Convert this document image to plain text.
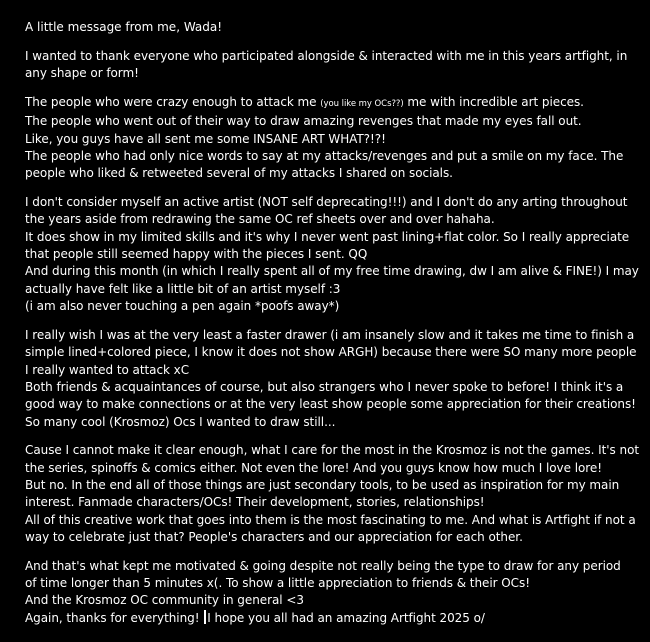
A little message from me, Wada!
I wanted to thank everyone who participated alongside & interacted with me in this years artfight, in
any shape or form!
The people who were crazy enough to attack me (you like my OCs??) me with incredible art pieces.
The people who went out of their way to draw amazing revenges that made my eyes fall out.
Like, you guys have all sent me some INSANE ART WHAT?!?!
The people who had only nice words to say at my attacks/revenges and put a smile on my face. The
people who liked & retweeted several of my attacks I shared on socials.
I don't consider myself an active artist (NOT self deprecating!!!) and I don't do any arting throughout
the years aside from redrawing the same OC ref sheets over and over hahaha.
It does show in my limited skills and it's why I never went past lining+flat color. So I really appreciate
that people still seemed happy with the pieces I sent. QQ
And during this month (in which I really spent all of my free time drawing, dw I am alive & FINE!) I may
actually have felt like a little bit of an artist myself :3
(i am also never touching a pen again *poofs away*)
I really wish I was at the very least a faster drawer (i am insanely slow and it takes me time to finish a
simple lined+colored piece, I know it does not show ARGH) because there were SO many more people
I really wanted to attack xC
Both friends & acquaintances of course, but also strangers who I never spoke to before! I think it's a
good way to make connections or at the very least show people some appreciation for their creations!
So many cool (Krosmoz) Ocs I wanted to draw still...
Cause I cannot make it clear enough, what I care for the most in the Krosmoz is not the games. It's not
the series, spinoffs & comics either. Not even the lore! And you guys know how much I love lore!
But no. In the end all of those things are just secondary tools, to be used as inspiration for my main
interest. Fanmade characters/OCs! Their development, stories, relationships!
All of this creative work that goes into them is the most fascinating to me. And what is Artfight if not a
way to celebrate just that? People's characters and our appreciation for each other.
And that's what kept me motivated & going despite not really being the type to draw for any period
of time longer than 5 minutes x(. To show a little appreciation to friends & their OCs!
And the Krosmoz OC community in general <3
Again, thanks for everything! I hope you all had an amazing Artfight 2025 o/
